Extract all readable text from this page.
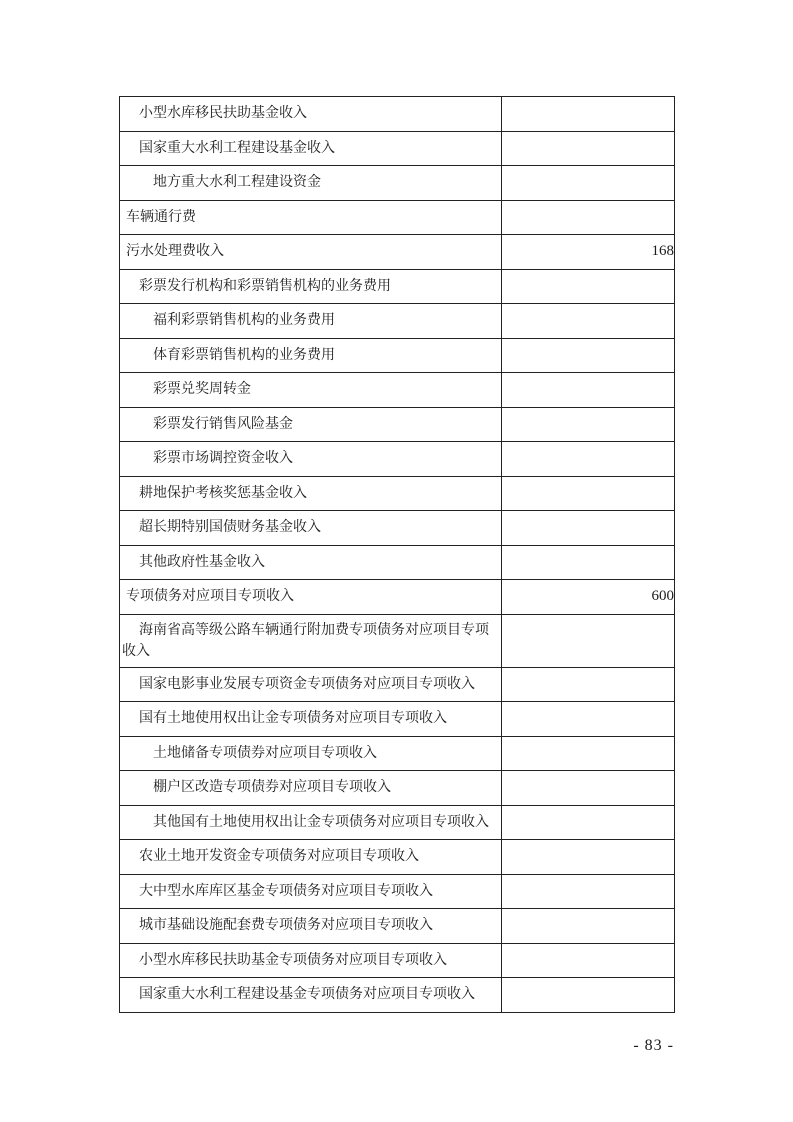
小型水库移民扶助基金收入	

国家重大水利工程建设基金收入	

地方重大水利工程建设资金	

车辆通行费	

污水处理费收入	168

彩票发行机构和彩票销售机构的业务费用	

福利彩票销售机构的业务费用	

体育彩票销售机构的业务费用	

彩票兑奖周转金	

彩票发行销售风险基金	

彩票市场调控资金收入	

耕地保护考核奖惩基金收入	

超长期特别国债财务基金收入	

其他政府性基金收入	

专项债务对应项目专项收入	600

海南省高等级公路车辆通行附加费专项债务对应项目专项收入	

国家电影事业发展专项资金专项债务对应项目专项收入	

国有土地使用权出让金专项债务对应项目专项收入	

土地储备专项债券对应项目专项收入	

棚户区改造专项债券对应项目专项收入	

其他国有土地使用权出让金专项债务对应项目专项收入	

农业土地开发资金专项债务对应项目专项收入	

大中型水库库区基金专项债务对应项目专项收入	

城市基础设施配套费专项债务对应项目专项收入	

小型水库移民扶助基金专项债务对应项目专项收入	

国家重大水利工程建设基金专项债务对应项目专项收入	

- 83 -
